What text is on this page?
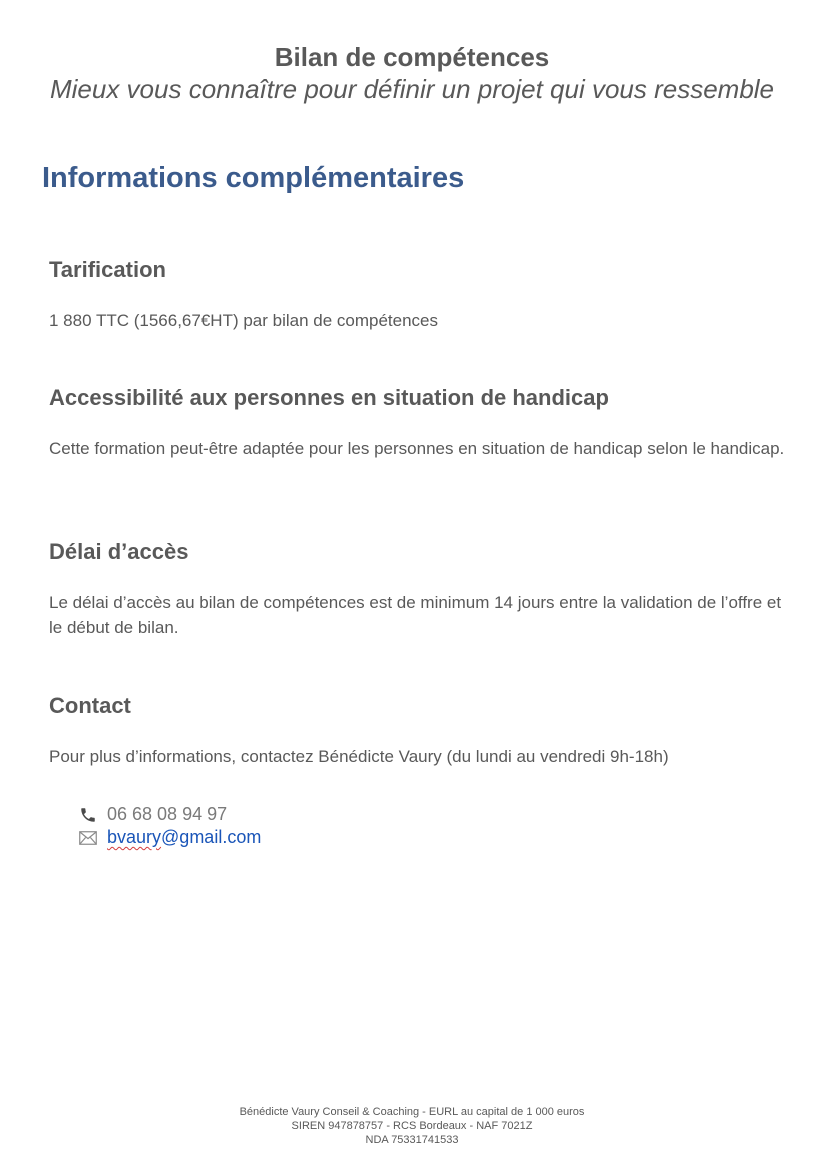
Bilan de compétences
Mieux vous connaître pour définir un projet qui vous ressemble
Informations complémentaires
Tarification

1 880 TTC (1566,67€HT) par bilan de compétences

Accessibilité aux personnes en situation de handicap

Cette formation peut-être adaptée pour les personnes en situation de handicap selon le handicap.

Délai d’accès

Le délai d’accès au bilan de compétences est de minimum 14 jours entre la validation de l’offre et le début de bilan.

Contact

Pour plus d’informations, contactez Bénédicte Vaury (du lundi au vendredi 9h-18h)

06 68 08 94 97
bvaury@gmail.com
Bénédicte Vaury Conseil & Coaching - EURL au capital de 1 000 euros
SIREN 947878757 - RCS Bordeaux - NAF 7021Z
NDA 75331741533
